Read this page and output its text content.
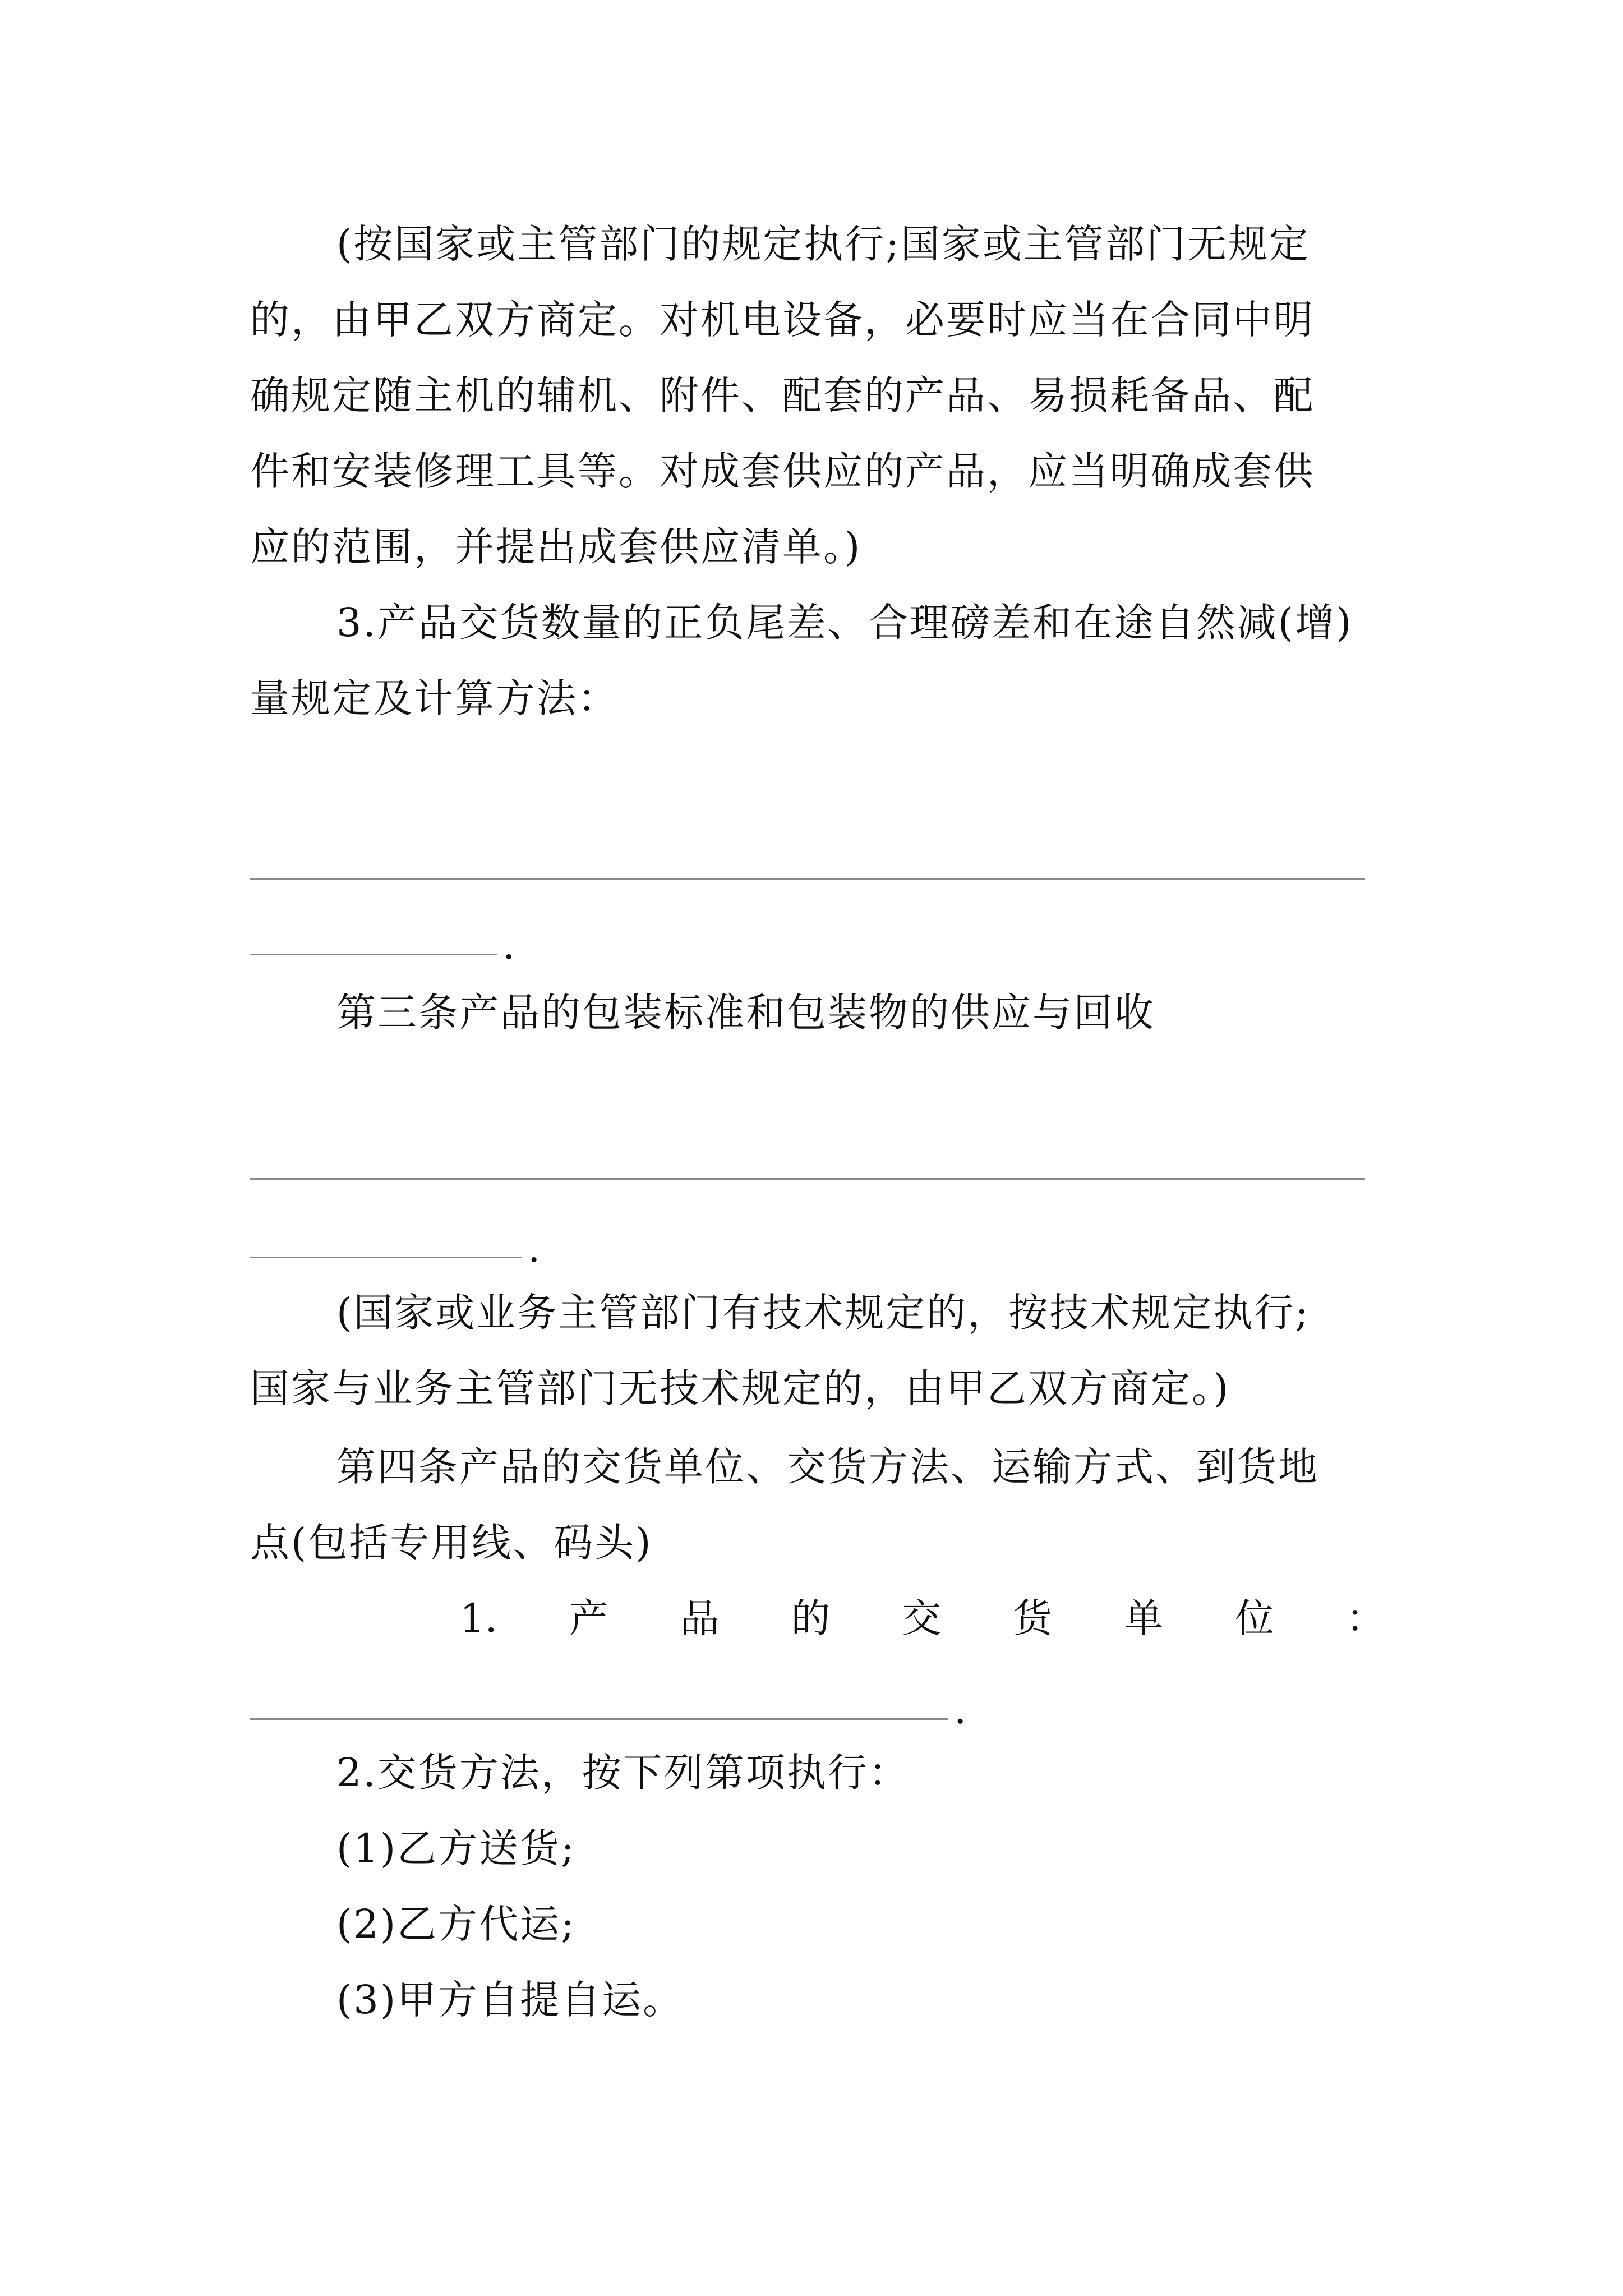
(按国家或主管部门的规定执行;国家或主管部门无规定
的，由甲乙双方商定。对机电设备，必要时应当在合同中明
确规定随主机的辅机、附件、配套的产品、易损耗备品、配
件和安装修理工具等。对成套供应的产品，应当明确成套供
应的范围，并提出成套供应清单。)
3.产品交货数量的正负尾差、合理磅差和在途自然减(增)
量规定及计算方法：
.
第三条产品的包装标准和包装物的供应与回收
.
(国家或业务主管部门有技术规定的，按技术规定执行;
国家与业务主管部门无技术规定的，由甲乙双方商定。)
第四条产品的交货单位、交货方法、运输方式、到货地
点(包括专用线、码头)
1. 产 品 的 交 货 单 位 ：
.
2.交货方法，按下列第项执行：
(1)乙方送货;
(2)乙方代运;
(3)甲方自提自运。
